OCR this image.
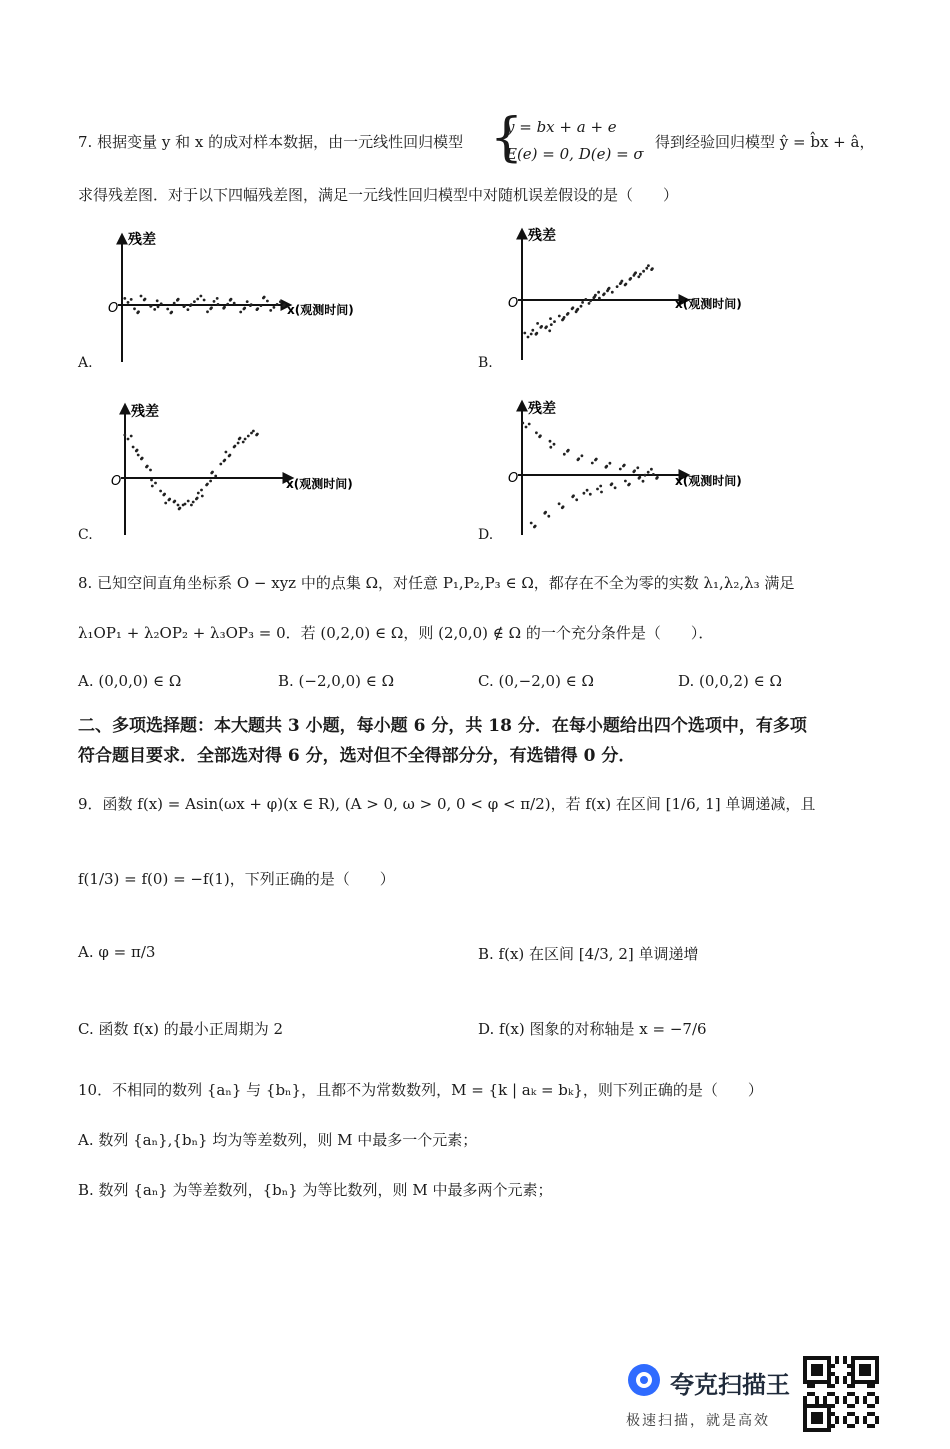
7. 根据变量 y 和 x 的成对样本数据，由一元线性回归模型 {
y = bx + a + e
E(e) = 0, D(e) = σ
得到经验回归模型 ŷ = b̂x + â，
求得残差图．对于以下四幅残差图，满足一元线性回归模型中对随机误差假设的是（　　）
残差
x(观测时间)
O
残差
x(观测时间)
O
残差
x(观测时间)
O
残差
x(观测时间)
O
A.	B.
C.	D.
8. 已知空间直角坐标系 O − xyz 中的点集 Ω，对任意 P₁,P₂,P₃ ∈ Ω，都存在不全为零的实数 λ₁,λ₂,λ₃ 满足
λ₁OP₁ + λ₂OP₂ + λ₃OP₃ = 0．若 (0,2,0) ∈ Ω，则 (2,0,0) ∉ Ω 的一个充分条件是（　　）．
A. (0,0,0) ∈ Ω	B. (−2,0,0) ∈ Ω	C. (0,−2,0) ∈ Ω	D. (0,0,2) ∈ Ω
二、多项选择题：本大题共 3 小题，每小题 6 分，共 18 分．在每小题给出四个选项中，有多项
符合题目要求．全部选对得 6 分，选对但不全得部分分，有选错得 0 分．
9．函数 f(x) = Asin(ωx + φ)(x ∈ R), (A > 0, ω > 0, 0 < φ < π/2)，若 f(x) 在区间 [1/6, 1] 单调递减，且
f(1/3) = f(0) = −f(1)，下列正确的是（　　）
A. φ = π/3	B. f(x) 在区间 [4/3, 2] 单调递增
C. 函数 f(x) 的最小正周期为 2	D. f(x) 图象的对称轴是 x = −7/6
10．不相同的数列 {aₙ} 与 {bₙ}，且都不为常数数列，M = {k | aₖ = bₖ}，则下列正确的是（　　）
A. 数列 {aₙ},{bₙ} 均为等差数列，则 M 中最多一个元素；
B. 数列 {aₙ} 为等差数列，{bₙ} 为等比数列，则 M 中最多两个元素；
夸克扫描王
极速扫描，就是高效
